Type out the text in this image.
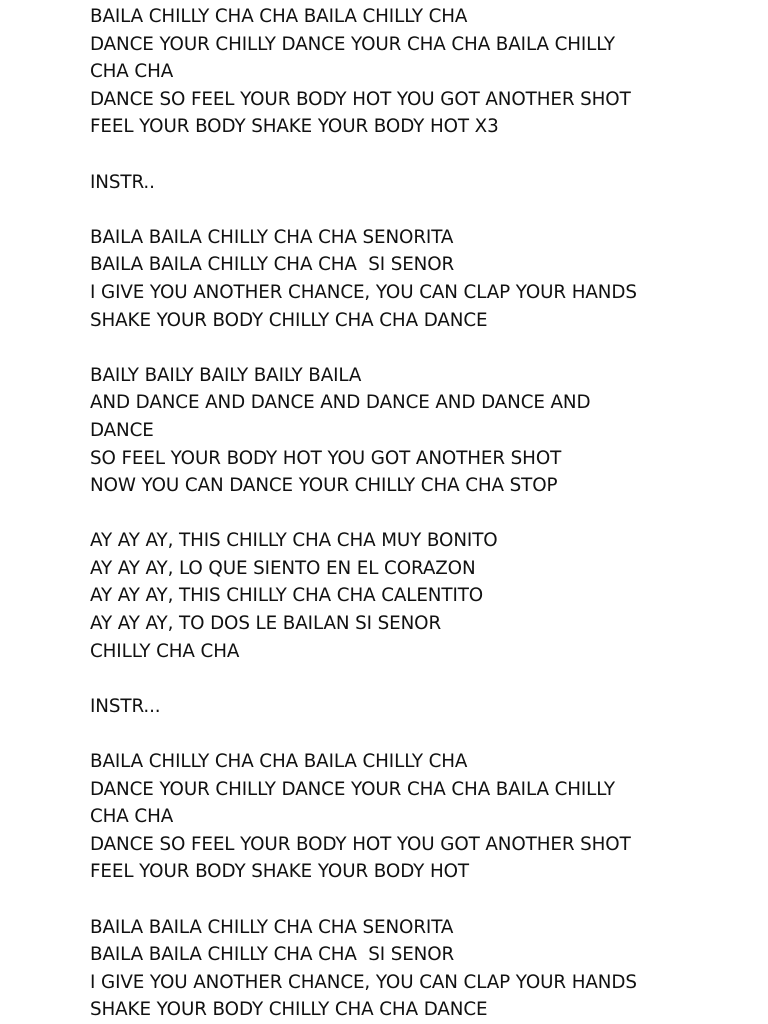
BAILA CHILLY CHA CHA BAILA CHILLY CHA
DANCE YOUR CHILLY DANCE YOUR CHA CHA BAILA CHILLY
CHA CHA
DANCE SO FEEL YOUR BODY HOT YOU GOT ANOTHER SHOT
FEEL YOUR BODY SHAKE YOUR BODY HOT X3
INSTR..
BAILA BAILA CHILLY CHA CHA SENORITA
BAILA BAILA CHILLY CHA CHA  SI SENOR
I GIVE YOU ANOTHER CHANCE, YOU CAN CLAP YOUR HANDS
SHAKE YOUR BODY CHILLY CHA CHA DANCE
BAILY BAILY BAILY BAILY BAILA
AND DANCE AND DANCE AND DANCE AND DANCE AND
DANCE
SO FEEL YOUR BODY HOT YOU GOT ANOTHER SHOT
NOW YOU CAN DANCE YOUR CHILLY CHA CHA STOP
AY AY AY, THIS CHILLY CHA CHA MUY BONITO
AY AY AY, LO QUE SIENTO EN EL CORAZON
AY AY AY, THIS CHILLY CHA CHA CALENTITO
AY AY AY, TO DOS LE BAILAN SI SENOR
CHILLY CHA CHA
INSTR...
BAILA CHILLY CHA CHA BAILA CHILLY CHA
DANCE YOUR CHILLY DANCE YOUR CHA CHA BAILA CHILLY
CHA CHA
DANCE SO FEEL YOUR BODY HOT YOU GOT ANOTHER SHOT
FEEL YOUR BODY SHAKE YOUR BODY HOT
BAILA BAILA CHILLY CHA CHA SENORITA
BAILA BAILA CHILLY CHA CHA  SI SENOR
I GIVE YOU ANOTHER CHANCE, YOU CAN CLAP YOUR HANDS
SHAKE YOUR BODY CHILLY CHA CHA DANCE
